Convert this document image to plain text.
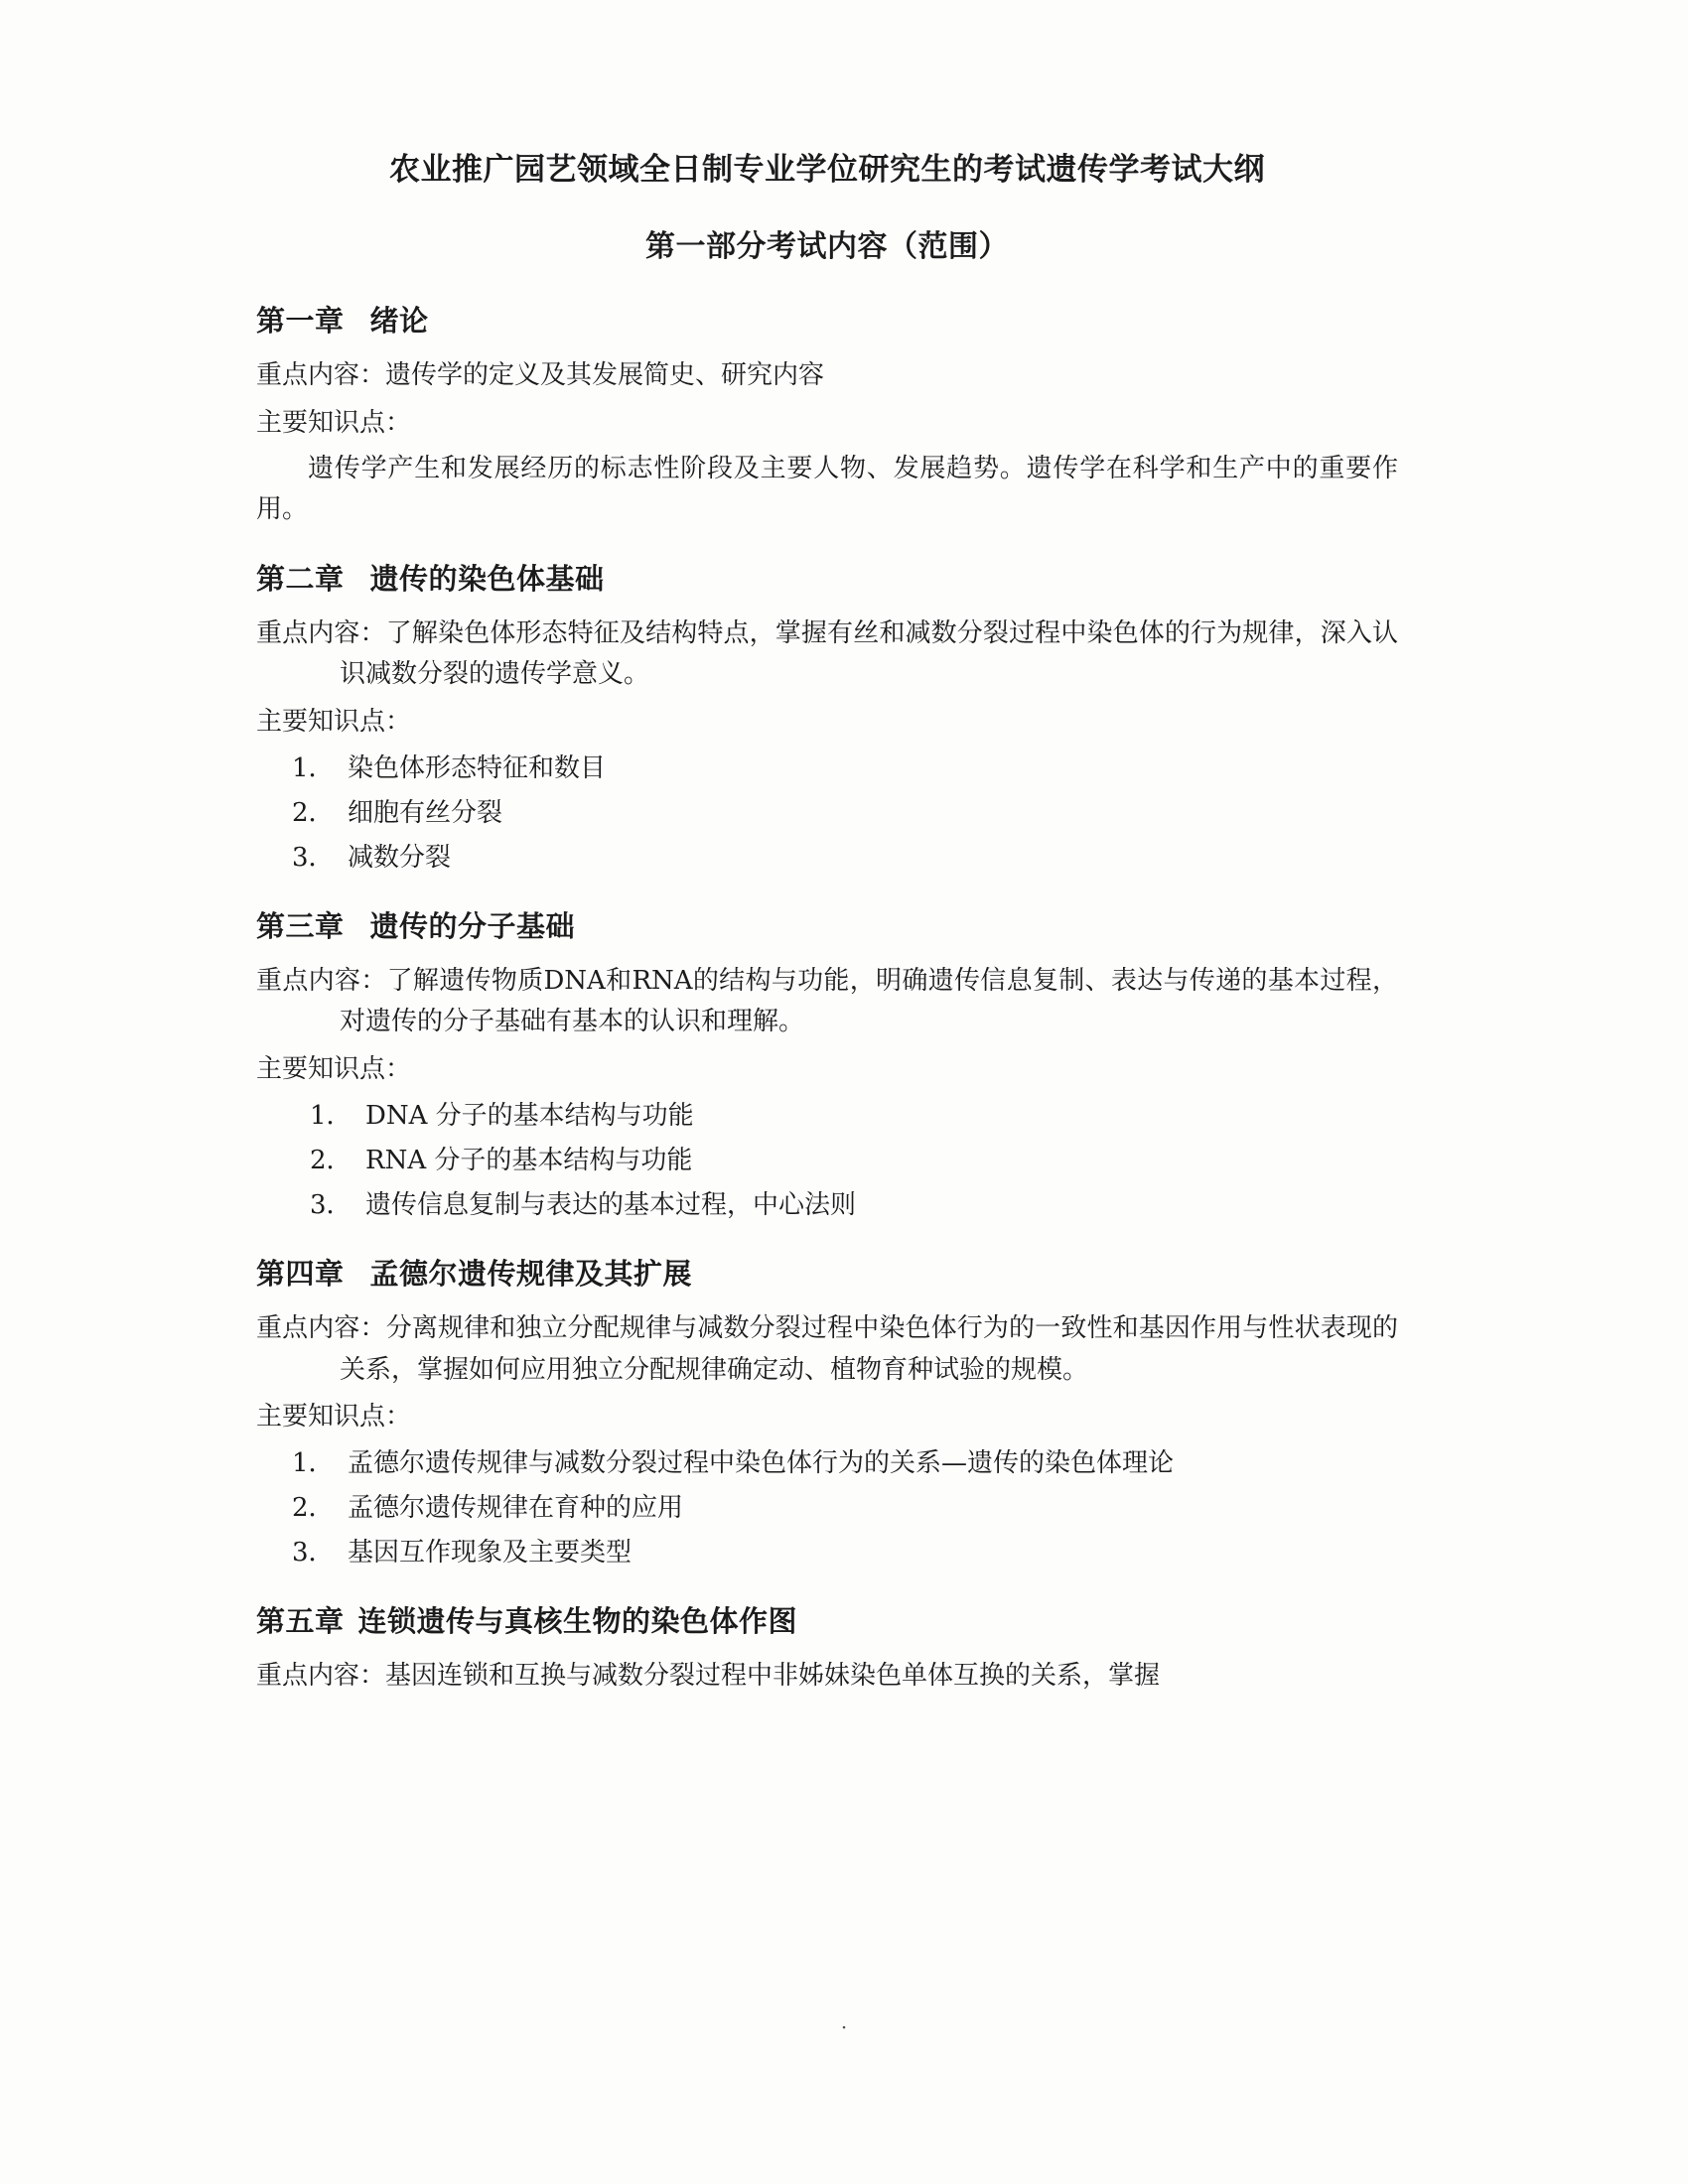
农业推广园艺领域全日制专业学位研究生的考试遗传学考试大纲
第一部分考试内容（范围）
第一章 绪论

重点内容：遗传学的定义及其发展简史、研究内容

主要知识点：

遗传学产生和发展经历的标志性阶段及主要人物、发展趋势。遗传学在科学和生产中的重要作用。

第二章 遗传的染色体基础

重点内容：了解染色体形态特征及结构特点，掌握有丝和减数分裂过程中染色体的行为规律，深入认识减数分裂的遗传学意义。

主要知识点：

1． 染色体形态特征和数目
2． 细胞有丝分裂
3． 减数分裂
第三章 遗传的分子基础

重点内容：了解遗传物质DNA和RNA的结构与功能，明确遗传信息复制、表达与传递的基本过程，对遗传的分子基础有基本的认识和理解。

主要知识点：

1． DNA 分子的基本结构与功能
2． RNA 分子的基本结构与功能
3． 遗传信息复制与表达的基本过程，中心法则
第四章 孟德尔遗传规律及其扩展

重点内容：分离规律和独立分配规律与减数分裂过程中染色体行为的一致性和基因作用与性状表现的关系，掌握如何应用独立分配规律确定动、植物育种试验的规模。

主要知识点：

1． 孟德尔遗传规律与减数分裂过程中染色体行为的关系—遗传的染色体理论
2． 孟德尔遗传规律在育种的应用
3． 基因互作现象及主要类型
第五章 连锁遗传与真核生物的染色体作图

重点内容：基因连锁和互换与减数分裂过程中非姊妹染色单体互换的关系，掌握

·
